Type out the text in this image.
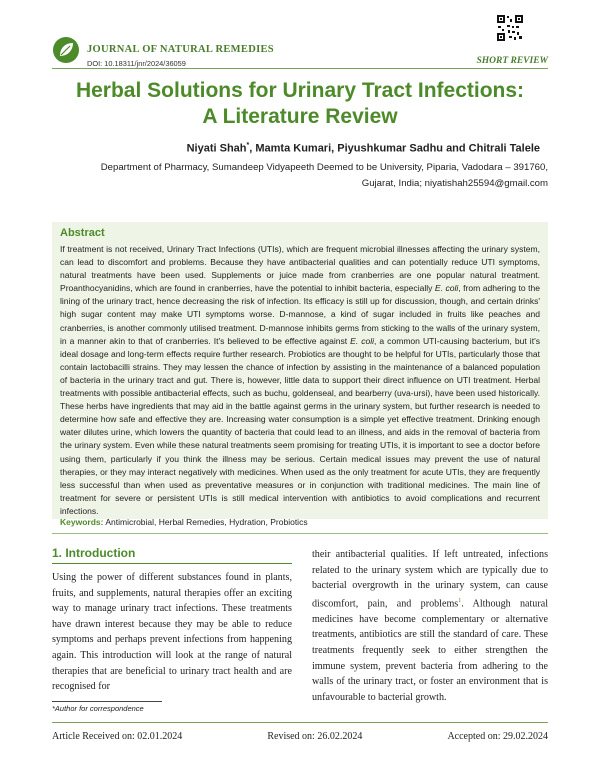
JOURNAL OF NATURAL REMEDIES
DOI: 10.18311/jnr/2024/36059	SHORT REVIEW
Herbal Solutions for Urinary Tract Infections:
A Literature Review
Niyati Shah*, Mamta Kumari, Piyushkumar Sadhu and Chitrali Talele
Department of Pharmacy, Sumandeep Vidyapeeth Deemed to be University, Piparia, Vadodara – 391760,
Gujarat, India; niyatishah25594@gmail.com
Abstract

If treatment is not received, Urinary Tract Infections (UTIs), which are frequent microbial illnesses affecting the urinary system, can lead to discomfort and problems. Because they have antibacterial qualities and can potentially reduce UTI symptoms, natural treatments have been used. Supplements or juice made from cranberries are one popular natural treatment. Proanthocyanidins, which are found in cranberries, have the potential to inhibit bacteria, especially E. coli, from adhering to the lining of the urinary tract, hence decreasing the risk of infection. Its efficacy is still up for discussion, though, and certain drinks' high sugar content may make UTI symptoms worse. D-mannose, a kind of sugar included in fruits like peaches and cranberries, is another commonly utilised treatment. D-mannose inhibits germs from sticking to the walls of the urinary system, in a manner akin to that of cranberries. It's believed to be effective against E. coli, a common UTI-causing bacterium, but it's ideal dosage and long-term effects require further research. Probiotics are thought to be helpful for UTIs, particularly those that contain lactobacilli strains. They may lessen the chance of infection by assisting in the maintenance of a balanced population of bacteria in the urinary tract and gut. There is, however, little data to support their direct influence on UTI treatment. Herbal treatments with possible antibacterial effects, such as buchu, goldenseal, and bearberry (uva-ursi), have been used historically. These herbs have ingredients that may aid in the battle against germs in the urinary system, but further research is needed to determine how safe and effective they are. Increasing water consumption is a simple yet effective treatment. Drinking enough water dilutes urine, which lowers the quantity of bacteria that could lead to an illness, and aids in the removal of bacteria from the urinary system. Even while these natural treatments seem promising for treating UTIs, it is important to see a doctor before using them, particularly if you think the illness may be serious. Certain medical issues may prevent the use of natural therapies, or they may interact negatively with medicines. When used as the only treatment for acute UTIs, they are frequently less successful than when used as preventative measures or in conjunction with traditional medicines. The main line of treatment for severe or persistent UTIs is still medical intervention with antibiotics to avoid complications and recurrent infections.

Keywords: Antimicrobial, Herbal Remedies, Hydration, Probiotics
1. Introduction

Using the power of different substances found in plants, fruits, and supplements, natural therapies offer an exciting way to manage urinary tract infections. These treatments have drawn interest because they may be able to reduce symptoms and perhaps prevent infections from happening again. This introduction will look at the range of natural therapies that are beneficial to urinary tract health and are recognised for

their antibacterial qualities. If left untreated, infections related to the urinary system which are typically due to bacterial overgrowth in the urinary system, can cause discomfort, pain, and problems$^1$. Although natural medicines have become complementary or alternative treatments, antibiotics are still the standard of care. These treatments frequently seek to either strengthen the immune system, prevent bacteria from adhering to the walls of the urinary tract, or foster an environment that is unfavourable to bacterial growth.

*Author for correspondence
Article Received on: 02.01.2024	Revised on: 26.02.2024	Accepted on: 29.02.2024
